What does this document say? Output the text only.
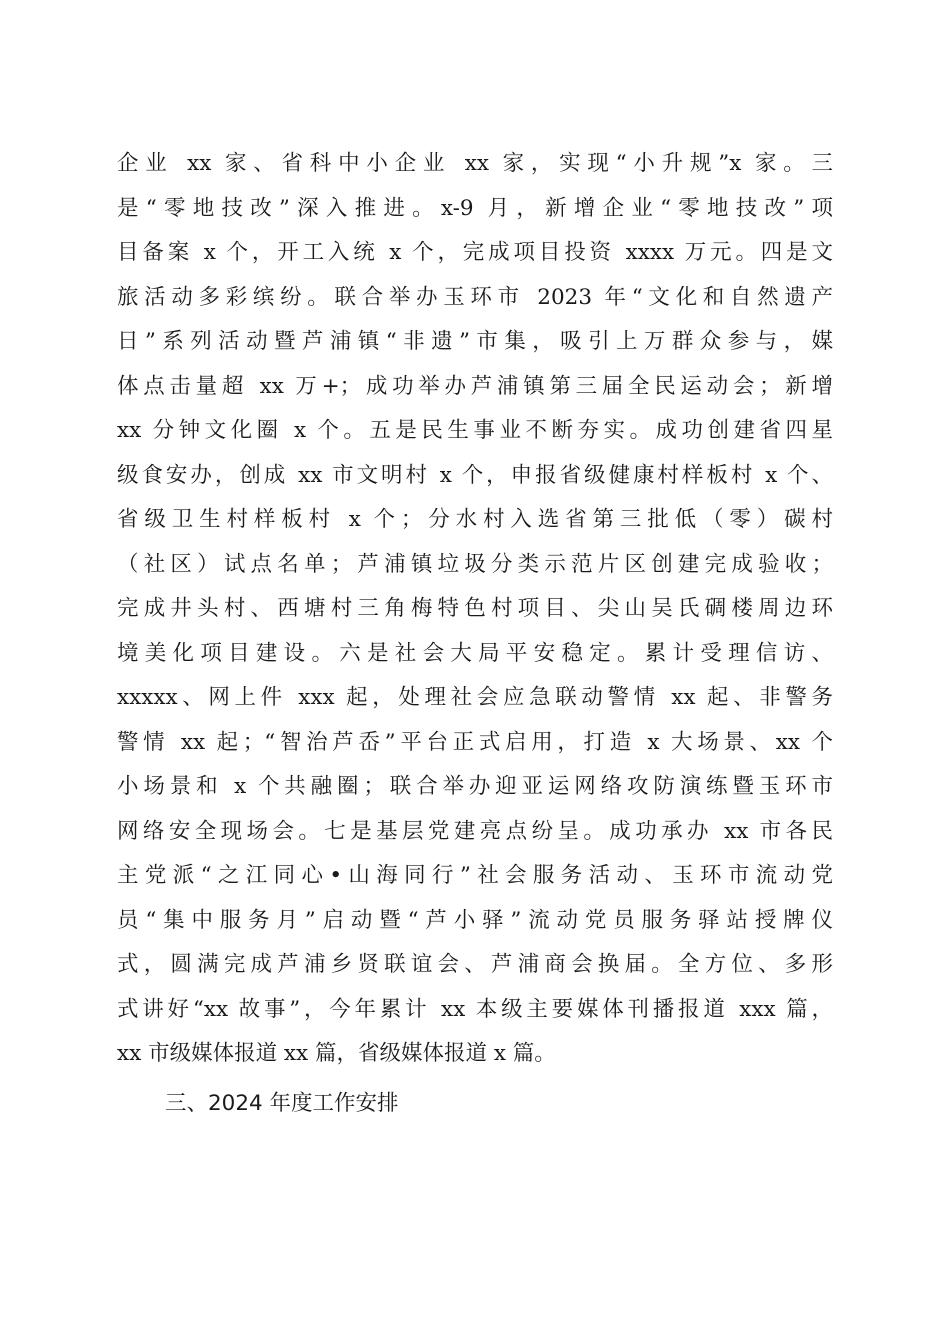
企业 xx 家、省科中小企业 xx 家，实现“小升规”x 家。三
是“零地技改”深入推进。x-9 月，新增企业“零地技改”项
目备案 x 个，开工入统 x 个，完成项目投资 xxxx 万元。四是文
旅活动多彩缤纷。联合举办玉环市 2023 年“文化和自然遗产
日”系列活动暨芦浦镇“非遗”市集，吸引上万群众参与，媒
体点击量超 xx 万+；成功举办芦浦镇第三届全民运动会；新增
xx 分钟文化圈 x 个。五是民生事业不断夯实。成功创建省四星
级食安办，创成 xx 市文明村 x 个，申报省级健康村样板村 x 个、
省级卫生村样板村 x 个；分水村入选省第三批低（零）碳村
（社区）试点名单；芦浦镇垃圾分类示范片区创建完成验收；
完成井头村、西塘村三角梅特色村项目、尖山吴氏碉楼周边环
境美化项目建设。六是社会大局平安稳定。累计受理信访、
xxxxx、网上件 xxx 起，处理社会应急联动警情 xx 起、非警务
警情 xx 起；“智治芦岙”平台正式启用，打造 x 大场景、xx 个
小场景和 x 个共融圈；联合举办迎亚运网络攻防演练暨玉环市
网络安全现场会。七是基层党建亮点纷呈。成功承办 xx 市各民
主党派“之江同心•山海同行”社会服务活动、玉环市流动党
员“集中服务月”启动暨“芦小驿”流动党员服务驿站授牌仪
式，圆满完成芦浦乡贤联谊会、芦浦商会换届。全方位、多形
式讲好“xx 故事”，今年累计 xx 本级主要媒体刊播报道 xxx 篇，
xx 市级媒体报道 xx 篇，省级媒体报道 x 篇。
三、2024 年度工作安排
